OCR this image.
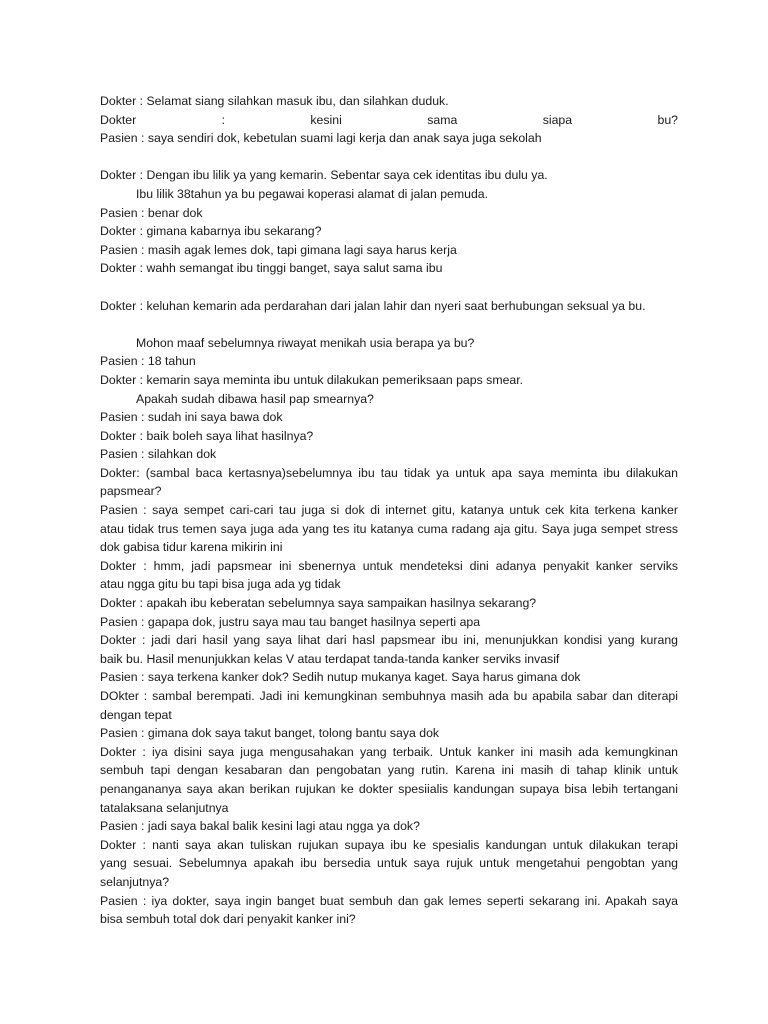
Dokter : Selamat siang silahkan masuk ibu, dan silahkan duduk.

Dokter : kesini sama siapa bu?

Pasien : saya sendiri dok, kebetulan suami lagi kerja dan anak saya juga sekolah

Dokter : Dengan ibu lilik ya yang kemarin. Sebentar saya cek identitas ibu dulu ya.

Ibu lilik 38tahun ya bu pegawai koperasi alamat di jalan pemuda.

Pasien : benar dok

Dokter : gimana kabarnya ibu sekarang?

Pasien : masih agak lemes dok, tapi gimana lagi saya harus kerja

Dokter : wahh semangat ibu tinggi banget, saya salut sama ibu

Dokter : keluhan kemarin ada perdarahan dari jalan lahir dan nyeri saat berhubungan seksual ya bu.

Mohon maaf sebelumnya riwayat menikah usia berapa ya bu?

Pasien : 18 tahun

Dokter : kemarin saya meminta ibu untuk dilakukan pemeriksaan paps smear.

Apakah sudah dibawa hasil pap smearnya?

Pasien : sudah ini saya bawa dok

Dokter : baik boleh saya lihat hasilnya?

Pasien : silahkan dok

Dokter: (sambal baca kertasnya)sebelumnya ibu tau tidak ya untuk apa saya meminta ibu dilakukan

papsmear?

Pasien : saya sempet cari-cari tau juga si dok di internet gitu, katanya untuk cek kita terkena kanker

atau tidak trus temen saya juga ada yang tes itu katanya cuma radang aja gitu. Saya juga sempet stress

dok gabisa tidur karena mikirin ini

Dokter : hmm, jadi papsmear ini sbenernya untuk mendeteksi dini adanya penyakit kanker serviks

atau ngga gitu bu tapi bisa juga ada yg tidak

Dokter : apakah ibu keberatan sebelumnya saya sampaikan hasilnya sekarang?

Pasien : gapapa dok, justru saya mau tau banget hasilnya seperti apa

Dokter : jadi dari hasil yang saya lihat dari hasl papsmear ibu ini, menunjukkan kondisi yang kurang

baik bu. Hasil menunjukkan kelas V atau terdapat tanda-tanda kanker serviks invasif

Pasien : saya terkena kanker dok? Sedih nutup mukanya kaget. Saya harus gimana dok

DOkter : sambal berempati. Jadi ini kemungkinan sembuhnya masih ada bu apabila sabar dan diterapi

dengan tepat

Pasien : gimana dok saya takut banget, tolong bantu saya dok

Dokter : iya disini saya juga mengusahakan yang terbaik. Untuk kanker ini masih ada kemungkinan

sembuh tapi dengan kesabaran dan pengobatan yang rutin. Karena ini masih di tahap klinik untuk

penangananya saya akan berikan rujukan ke dokter spesiialis kandungan supaya bisa lebih tertangani

tatalaksana selanjutnya

Pasien : jadi saya bakal balik kesini lagi atau ngga ya dok?

Dokter : nanti saya akan tuliskan rujukan supaya ibu ke spesialis kandungan untuk dilakukan terapi

yang sesuai. Sebelumnya apakah ibu bersedia untuk saya rujuk untuk mengetahui pengobtan yang

selanjutnya?

Pasien : iya dokter, saya ingin banget buat sembuh dan gak lemes seperti sekarang ini. Apakah saya

bisa sembuh total dok dari penyakit kanker ini?
